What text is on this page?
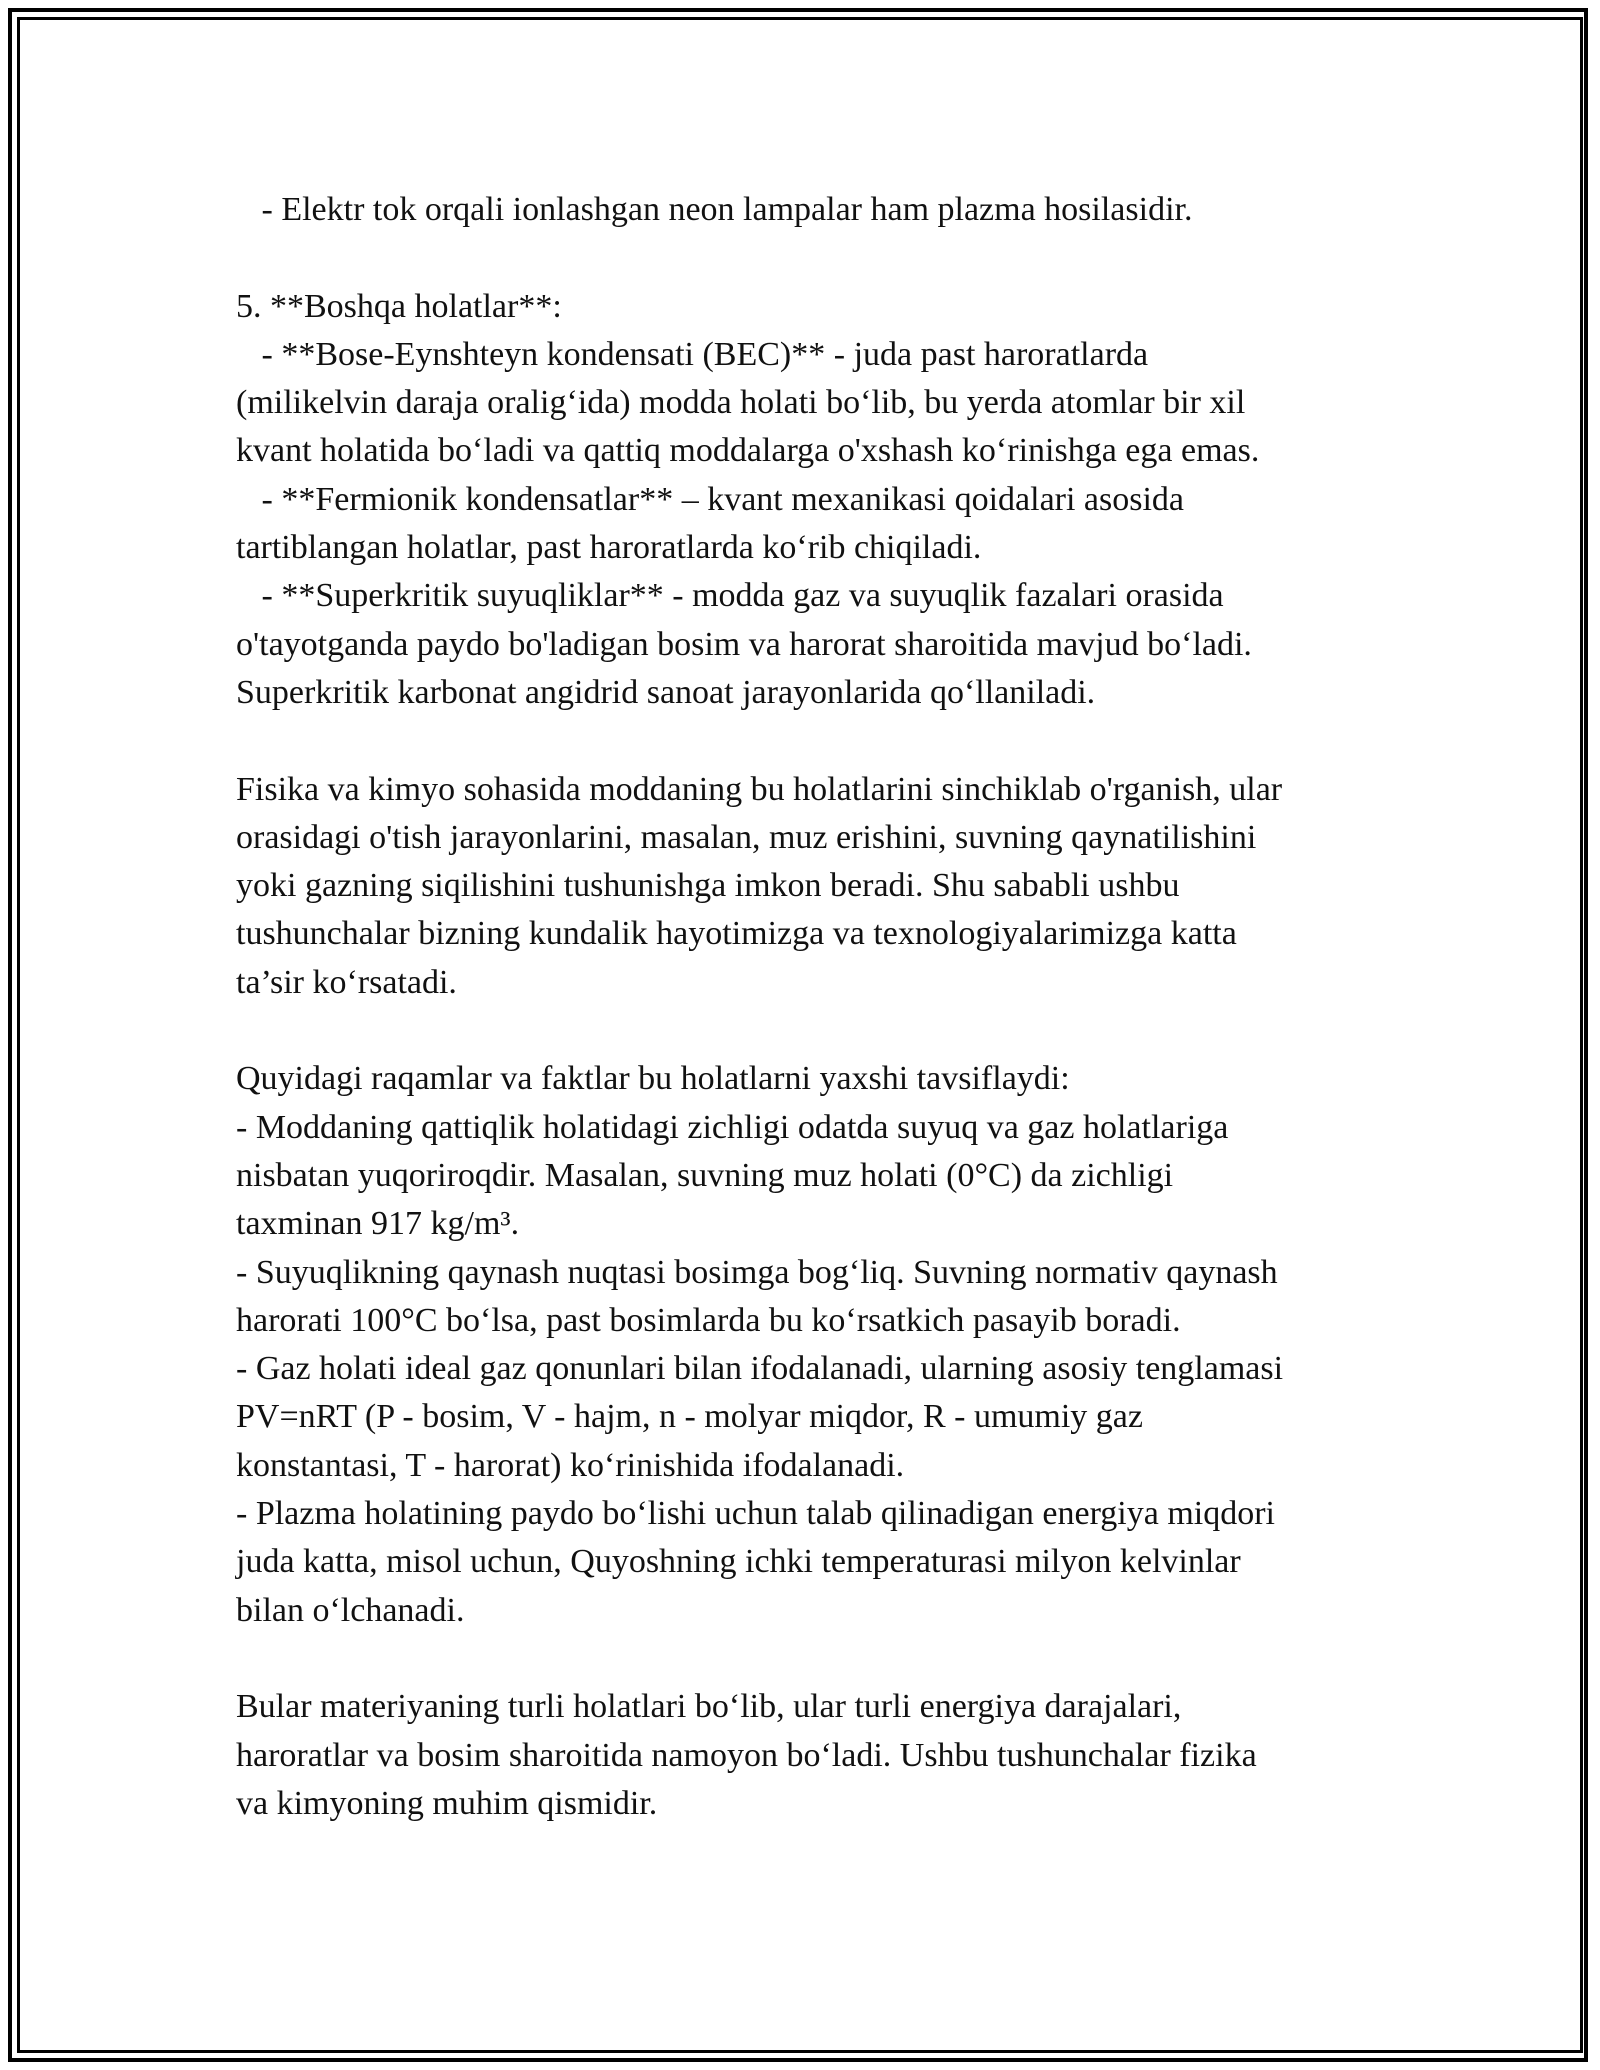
- Elektr tok orqali ionlashgan neon lampalar ham plazma hosilasidir.
5. **Boshqa holatlar**:
- **Bose-Eynshteyn kondensati (BEC)** - juda past haroratlarda
(milikelvin daraja oralig‘ida) modda holati bo‘lib, bu yerda atomlar bir xil
kvant holatida bo‘ladi va qattiq moddalarga o'xshash ko‘rinishga ega emas.
- **Fermionik kondensatlar** – kvant mexanikasi qoidalari asosida
tartiblangan holatlar, past haroratlarda ko‘rib chiqiladi.
- **Superkritik suyuqliklar** - modda gaz va suyuqlik fazalari orasida
o'tayotganda paydo bo'ladigan bosim va harorat sharoitida mavjud bo‘ladi.
Superkritik karbonat angidrid sanoat jarayonlarida qo‘llaniladi.
Fisika va kimyo sohasida moddaning bu holatlarini sinchiklab o'rganish, ular
orasidagi o'tish jarayonlarini, masalan, muz erishini, suvning qaynatilishini
yoki gazning siqilishini tushunishga imkon beradi. Shu sababli ushbu
tushunchalar bizning kundalik hayotimizga va texnologiyalarimizga katta
ta’sir ko‘rsatadi.
Quyidagi raqamlar va faktlar bu holatlarni yaxshi tavsiflaydi:
- Moddaning qattiqlik holatidagi zichligi odatda suyuq va gaz holatlariga
nisbatan yuqoriroqdir. Masalan, suvning muz holati (0°C) da zichligi
taxminan 917 kg/m³.
- Suyuqlikning qaynash nuqtasi bosimga bog‘liq. Suvning normativ qaynash
harorati 100°C bo‘lsa, past bosimlarda bu ko‘rsatkich pasayib boradi.
- Gaz holati ideal gaz qonunlari bilan ifodalanadi, ularning asosiy tenglamasi
PV=nRT (P - bosim, V - hajm, n - molyar miqdor, R - umumiy gaz
konstantasi, T - harorat) ko‘rinishida ifodalanadi.
- Plazma holatining paydo bo‘lishi uchun talab qilinadigan energiya miqdori
juda katta, misol uchun, Quyoshning ichki temperaturasi milyon kelvinlar
bilan o‘lchanadi.
Bular materiyaning turli holatlari bo‘lib, ular turli energiya darajalari,
haroratlar va bosim sharoitida namoyon bo‘ladi. Ushbu tushunchalar fizika
va kimyoning muhim qismidir.
